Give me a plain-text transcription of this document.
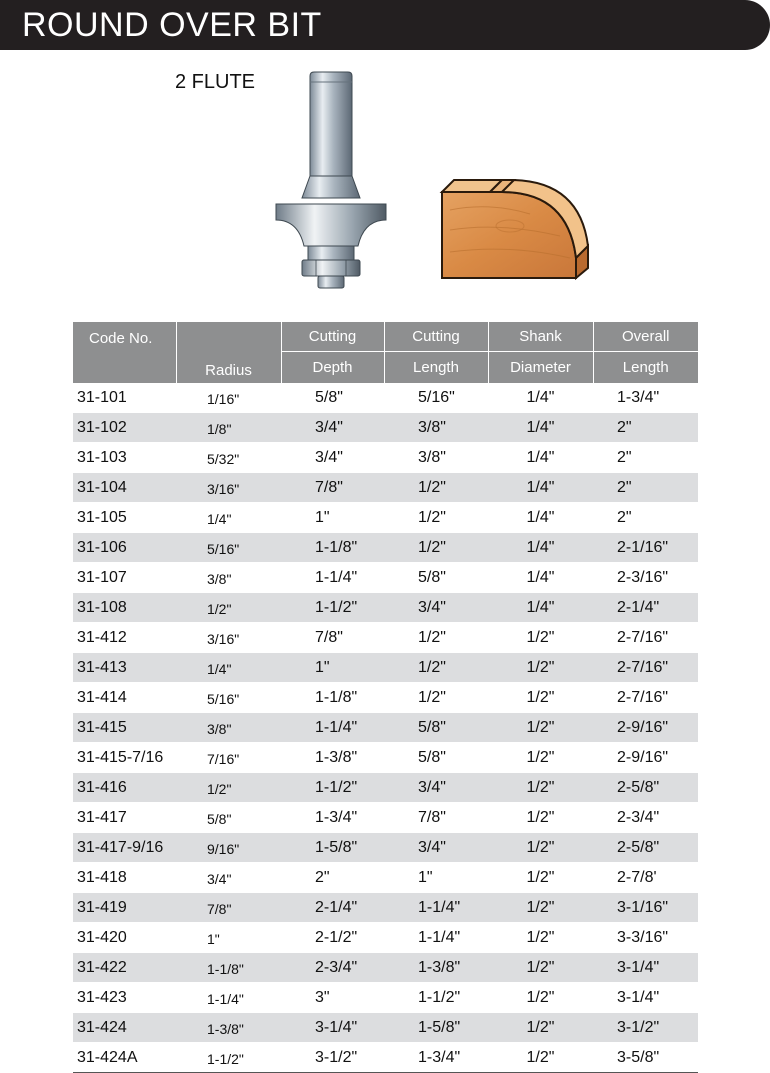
ROUND OVER BIT
2 FLUTE
Code No.	Radius	Cutting	Cutting	Shank	Overall
		Depth	Length	Diameter	Length
31-101	1/16"	5/8"	5/16"	1/4"	1-3/4"
31-102	1/8"	3/4"	3/8"	1/4"	2"
31-103	5/32"	3/4"	3/8"	1/4"	2"
31-104	3/16"	7/8"	1/2"	1/4"	2"
31-105	1/4"	1"	1/2"	1/4"	2"
31-106	5/16"	1-1/8"	1/2"	1/4"	2-1/16"
31-107	3/8"	1-1/4"	5/8"	1/4"	2-3/16"
31-108	1/2"	1-1/2"	3/4"	1/4"	2-1/4"
31-412	3/16"	7/8"	1/2"	1/2"	2-7/16"
31-413	1/4"	1"	1/2"	1/2"	2-7/16"
31-414	5/16"	1-1/8"	1/2"	1/2"	2-7/16"
31-415	3/8"	1-1/4"	5/8"	1/2"	2-9/16"
31-415-7/16	7/16"	1-3/8"	5/8"	1/2"	2-9/16"
31-416	1/2"	1-1/2"	3/4"	1/2"	2-5/8"
31-417	5/8"	1-3/4"	7/8"	1/2"	2-3/4"
31-417-9/16	9/16"	1-5/8"	3/4"	1/2"	2-5/8"
31-418	3/4"	2"	1"	1/2"	2-7/8'
31-419	7/8"	2-1/4"	1-1/4"	1/2"	3-1/16"
31-420	1"	2-1/2"	1-1/4"	1/2"	3-3/16"
31-422	1-1/8"	2-3/4"	1-3/8"	1/2"	3-1/4"
31-423	1-1/4"	3"	1-1/2"	1/2"	3-1/4"
31-424	1-3/8"	3-1/4"	1-5/8"	1/2"	3-1/2"
31-424A	1-1/2"	3-1/2"	1-3/4"	1/2"	3-5/8"
